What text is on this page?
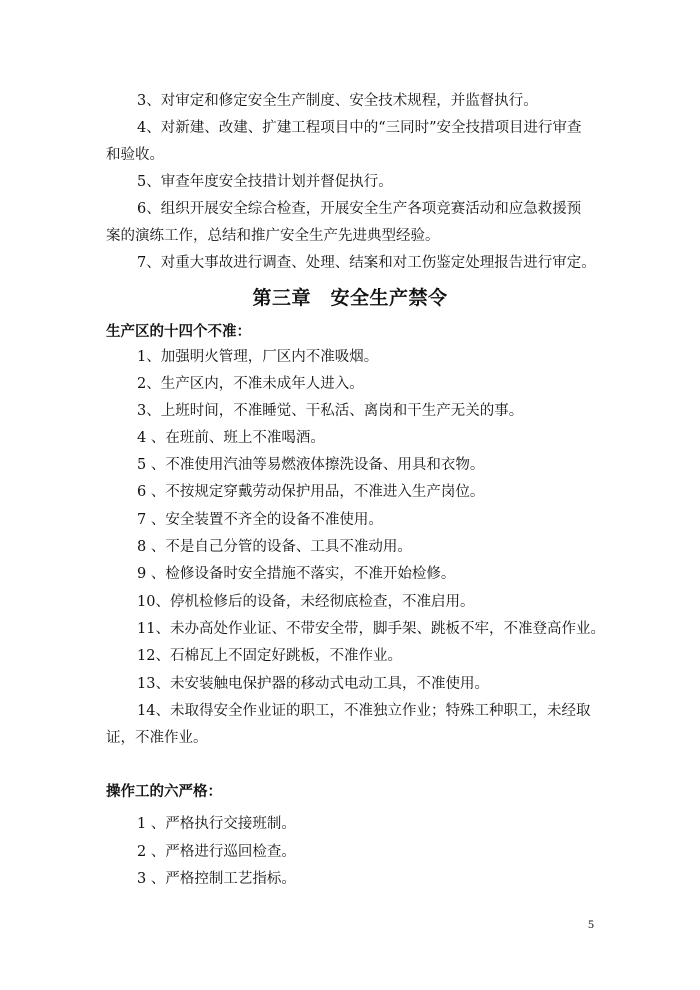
3、对审定和修定安全生产制度、安全技术规程，并监督执行。

4、对新建、改建、扩建工程项目中的“三同时”安全技措项目进行审查和验收。

5、审查年度安全技措计划并督促执行。

6、组织开展安全综合检查，开展安全生产各项竞赛活动和应急救援预案的演练工作，总结和推广安全生产先进典型经验。

7、对重大事故进行调查、处理、结案和对工伤鉴定处理报告进行审定。

第三章　安全生产禁令
生产区的十四个不准：

1、加强明火管理，厂区内不准吸烟。

2、生产区内，不准未成年人进入。

3、上班时间，不准睡觉、干私活、离岗和干生产无关的事。

4 、在班前、班上不准喝酒。

5 、不准使用汽油等易燃液体擦洗设备、用具和衣物。

6 、不按规定穿戴劳动保护用品，不准进入生产岗位。

7 、安全装置不齐全的设备不准使用。

8 、不是自己分管的设备、工具不准动用。

9 、检修设备时安全措施不落实，不准开始检修。

10、停机检修后的设备，未经彻底检查，不准启用。

11、未办高处作业证、不带安全带，脚手架、跳板不牢，不准登高作业。

12、石棉瓦上不固定好跳板，不准作业。

13、未安装触电保护器的移动式电动工具，不准使用。

14、未取得安全作业证的职工，不准独立作业；特殊工种职工，未经取证，不准作业。

操作工的六严格：

1 、严格执行交接班制。

2 、严格进行巡回检查。

3 、严格控制工艺指标。

5
